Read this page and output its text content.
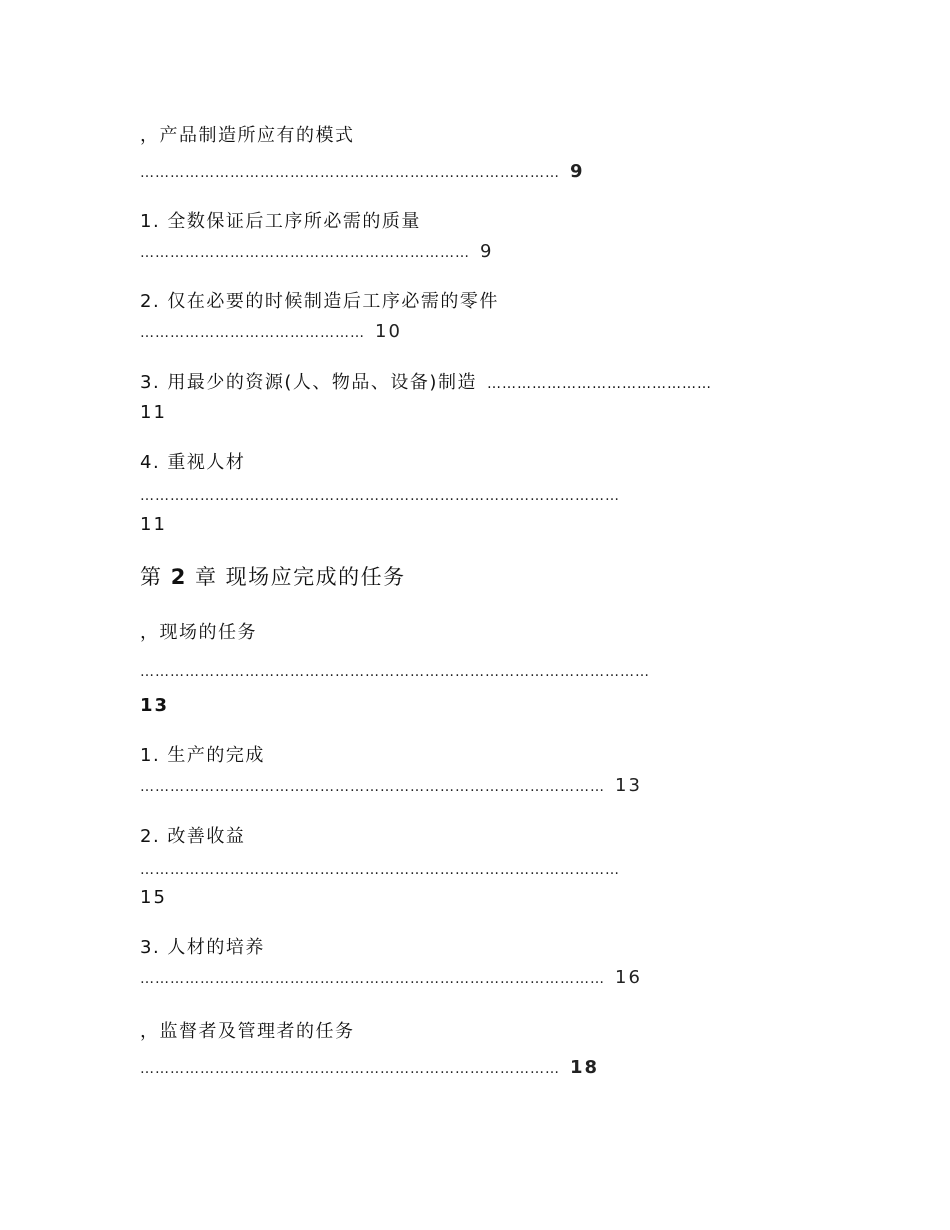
，产品制造所应有的模式
………………………………………………………………………… 9
1. 全数保证后工序所必需的质量
………………………………………………………… 9
2. 仅在必要的时候制造后工序必需的零件
……………………………………… 10
3. 用最少的资源(人、物品、设备)制造 ………………………………………
11
4. 重视人材
……………………………………………………………………………………
11
第 2 章 现场应完成的任务
，现场的任务
…………………………………………………………………………………………
13
1. 生产的完成
………………………………………………………………………………… 13
2. 改善收益
……………………………………………………………………………………
15
3. 人材的培养
………………………………………………………………………………… 16
，监督者及管理者的任务
………………………………………………………………………… 18
